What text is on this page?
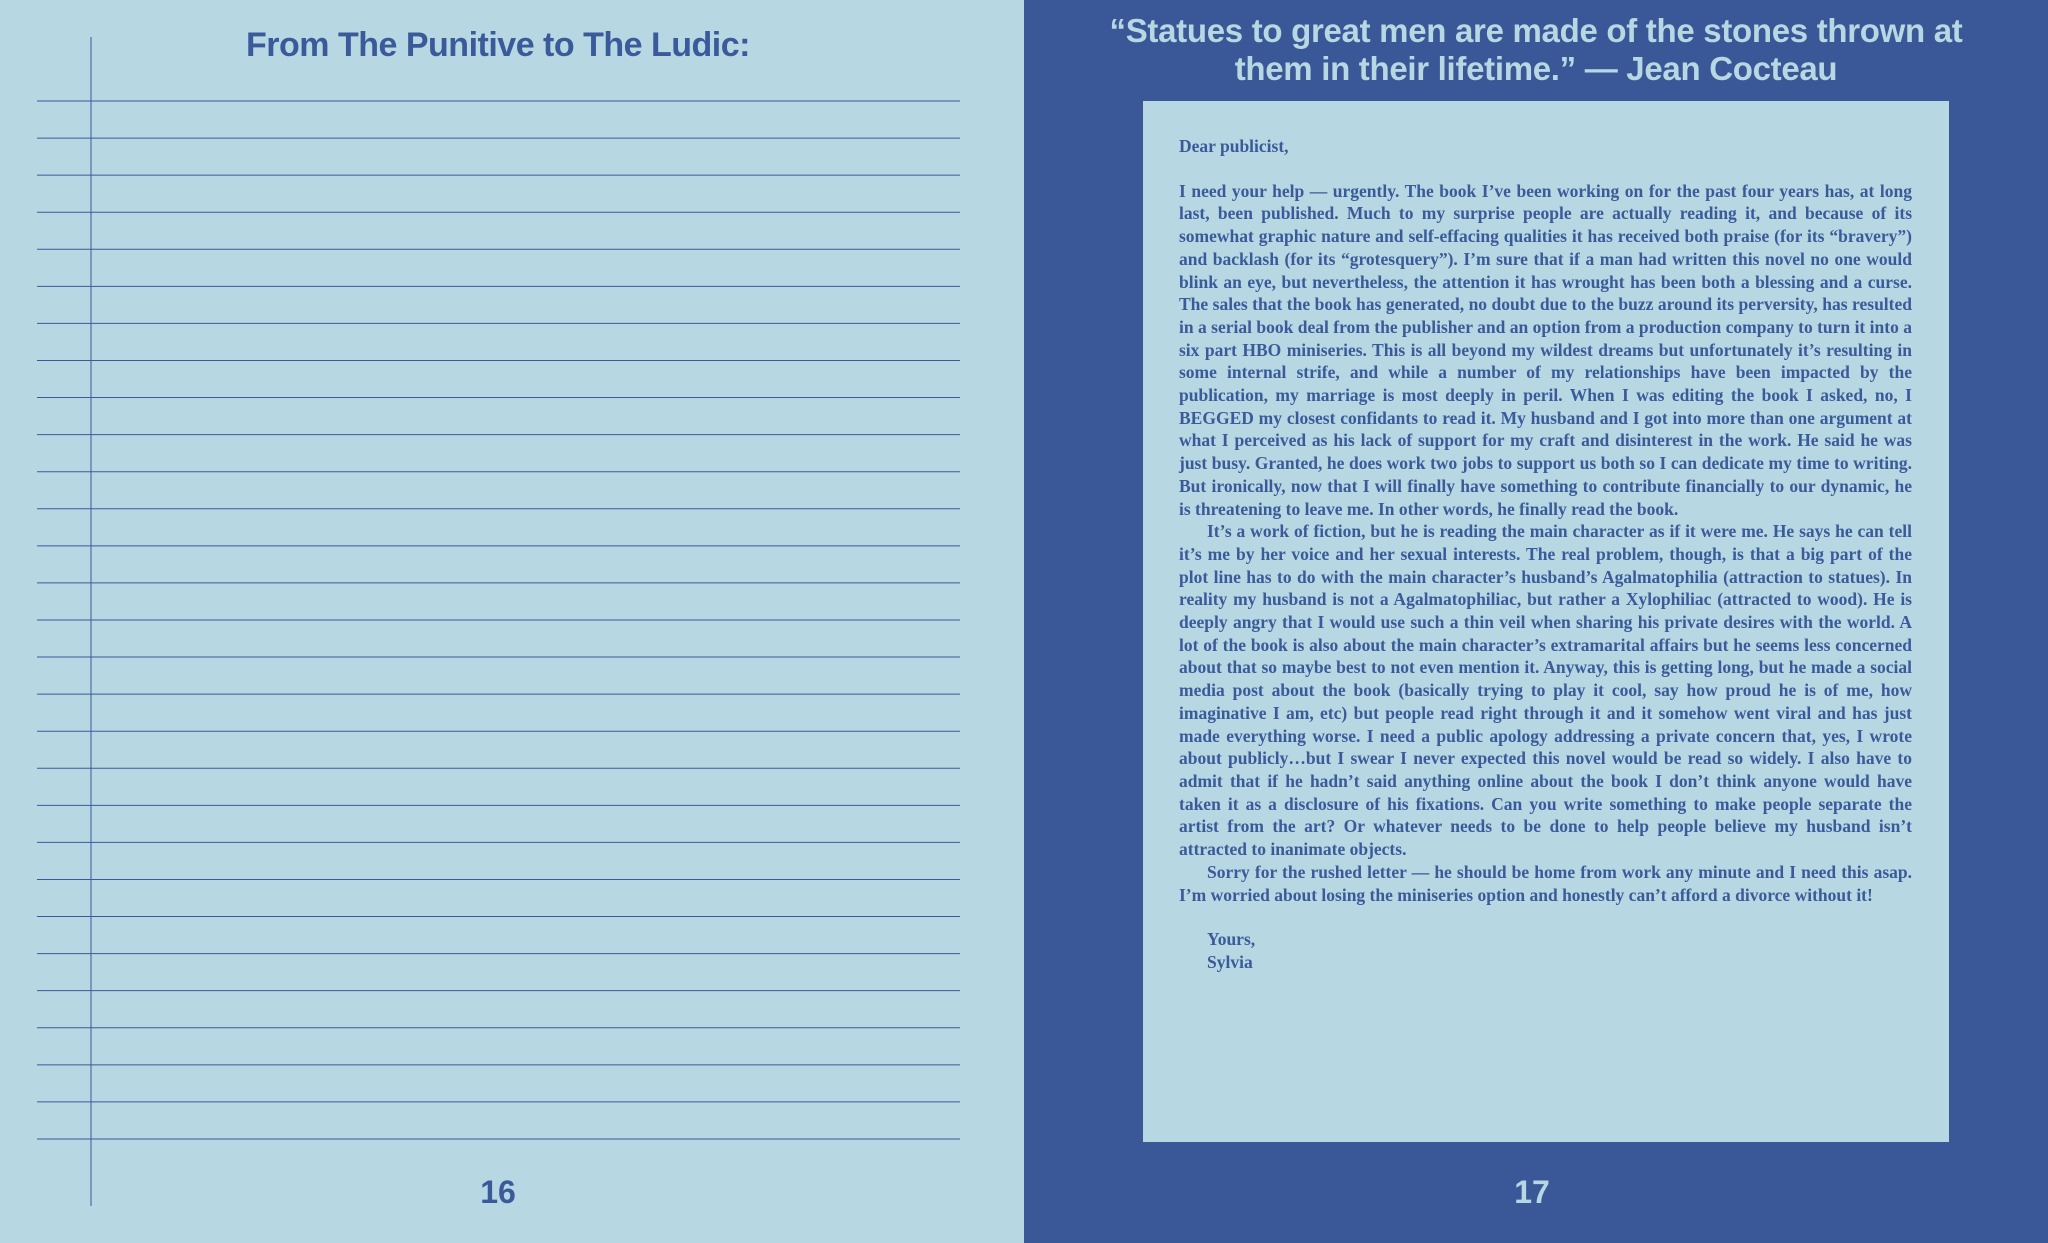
From The Punitive to The Ludic:
16
“Statues to great men are made of the stones thrown at them in their lifetime.” — Jean Cocteau

Dear publicist,

I need your help — urgently. The book I’ve been working on for the past four years has, at long last, been published. Much to my surprise people are actually reading it, and because of its somewhat graphic nature and self-effacing qualities it has received both praise (for its “bravery”) and backlash (for its “grotesquery”). I’m sure that if a man had written this novel no one would blink an eye, but nevertheless, the attention it has wrought has been both a blessing and a curse. The sales that the book has generated, no doubt due to the buzz around its perversity, has resulted in a serial book deal from the publisher and an option from a production company to turn it into a six part HBO miniseries. This is all beyond my wildest dreams but unfortunately it’s resulting in some internal strife, and while a number of my relationships have been impacted by the publication, my marriage is most deeply in peril. When I was editing the book I asked, no, I BEGGED my closest confidants to read it. My husband and I got into more than one argument at what I perceived as his lack of support for my craft and disinterest in the work. He said he was just busy. Granted, he does work two jobs to support us both so I can dedicate my time to writing. But ironically, now that I will finally have something to contribute financially to our dynamic, he is threatening to leave me. In other words, he finally read the book.

It’s a work of fiction, but he is reading the main character as if it were me. He says he can tell it’s me by her voice and her sexual interests. The real problem, though, is that a big part of the plot line has to do with the main character’s husband’s Agalmatophilia (attraction to statues). In reality my husband is not a Agalmatophiliac, but rather a Xylophiliac (attracted to wood). He is deeply angry that I would use such a thin veil when sharing his private desires with the world. A lot of the book is also about the main character’s extramarital affairs but he seems less concerned about that so maybe best to not even mention it. Anyway, this is getting long, but he made a social media post about the book (basically trying to play it cool, say how proud he is of me, how imaginative I am, etc) but people read right through it and it somehow went viral and has just made everything worse. I need a public apology addressing a private concern that, yes, I wrote about publicly…but I swear I never expected this novel would be read so widely. I also have to admit that if he hadn’t said anything online about the book I don’t think anyone would have taken it as a disclosure of his fixations. Can you write something to make people separate the artist from the art? Or whatever needs to be done to help people believe my husband isn’t attracted to inanimate objects.

Sorry for the rushed letter — he should be home from work any minute and I need this asap. I’m worried about losing the miniseries option and honestly can’t afford a divorce without it!

Yours,

Sylvia

17
